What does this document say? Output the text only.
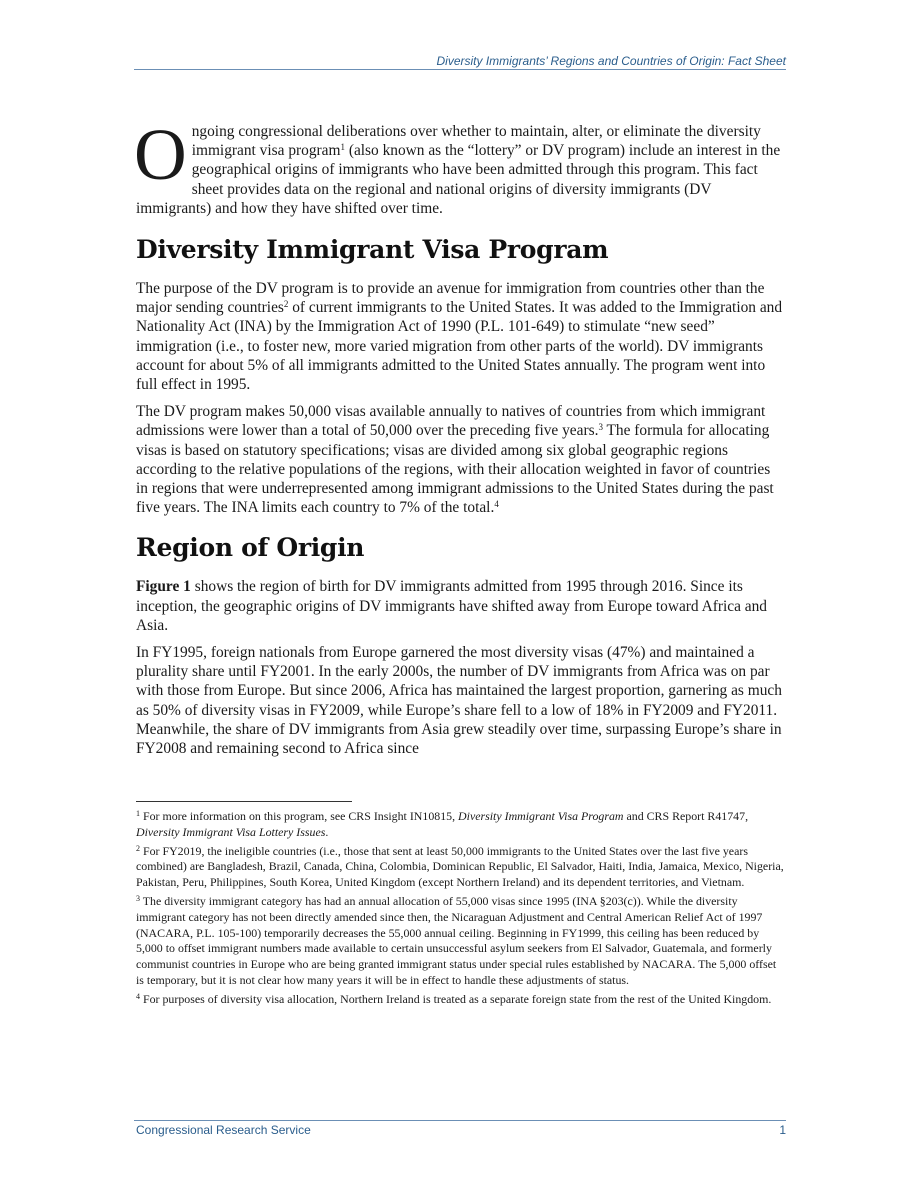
Diversity Immigrants’ Regions and Countries of Origin: Fact Sheet

Ongoing congressional deliberations over whether to maintain, alter, or eliminate the diversity immigrant visa program$^1$ (also known as the “lottery” or DV program) include an interest in the geographical origins of immigrants who have been admitted through this program. This fact sheet provides data on the regional and national origins of diversity immigrants (DV immigrants) and how they have shifted over time.

Diversity Immigrant Visa Program

The purpose of the DV program is to provide an avenue for immigration from countries other than the major sending countries$^2$ of current immigrants to the United States. It was added to the Immigration and Nationality Act (INA) by the Immigration Act of 1990 (P.L. 101-649) to stimulate “new seed” immigration (i.e., to foster new, more varied migration from other parts of the world). DV immigrants account for about 5% of all immigrants admitted to the United States annually. The program went into full effect in 1995.

The DV program makes 50,000 visas available annually to natives of countries from which immigrant admissions were lower than a total of 50,000 over the preceding five years.$^3$ The formula for allocating visas is based on statutory specifications; visas are divided among six global geographic regions according to the relative populations of the regions, with their allocation weighted in favor of countries in regions that were underrepresented among immigrant admissions to the United States during the past five years. The INA limits each country to 7% of the total.$^4$

Region of Origin

Figure 1 shows the region of birth for DV immigrants admitted from 1995 through 2016. Since its inception, the geographic origins of DV immigrants have shifted away from Europe toward Africa and Asia.

In FY1995, foreign nationals from Europe garnered the most diversity visas (47%) and maintained a plurality share until FY2001. In the early 2000s, the number of DV immigrants from Africa was on par with those from Europe. But since 2006, Africa has maintained the largest proportion, garnering as much as 50% of diversity visas in FY2009, while Europe’s share fell to a low of 18% in FY2009 and FY2011. Meanwhile, the share of DV immigrants from Asia grew steadily over time, surpassing Europe’s share in FY2008 and remaining second to Africa since

$^1$ For more information on this program, see CRS Insight IN10815, Diversity Immigrant Visa Program and CRS Report R41747, Diversity Immigrant Visa Lottery Issues.

$^2$ For FY2019, the ineligible countries (i.e., those that sent at least 50,000 immigrants to the United States over the last five years combined) are Bangladesh, Brazil, Canada, China, Colombia, Dominican Republic, El Salvador, Haiti, India, Jamaica, Mexico, Nigeria, Pakistan, Peru, Philippines, South Korea, United Kingdom (except Northern Ireland) and its dependent territories, and Vietnam.

$^3$ The diversity immigrant category has had an annual allocation of 55,000 visas since 1995 (INA §203(c)). While the diversity immigrant category has not been directly amended since then, the Nicaraguan Adjustment and Central American Relief Act of 1997 (NACARA, P.L. 105-100) temporarily decreases the 55,000 annual ceiling. Beginning in FY1999, this ceiling has been reduced by 5,000 to offset immigrant numbers made available to certain unsuccessful asylum seekers from El Salvador, Guatemala, and formerly communist countries in Europe who are being granted immigrant status under special rules established by NACARA. The 5,000 offset is temporary, but it is not clear how many years it will be in effect to handle these adjustments of status.

$^4$ For purposes of diversity visa allocation, Northern Ireland is treated as a separate foreign state from the rest of the United Kingdom.

Congressional Research Service	1
